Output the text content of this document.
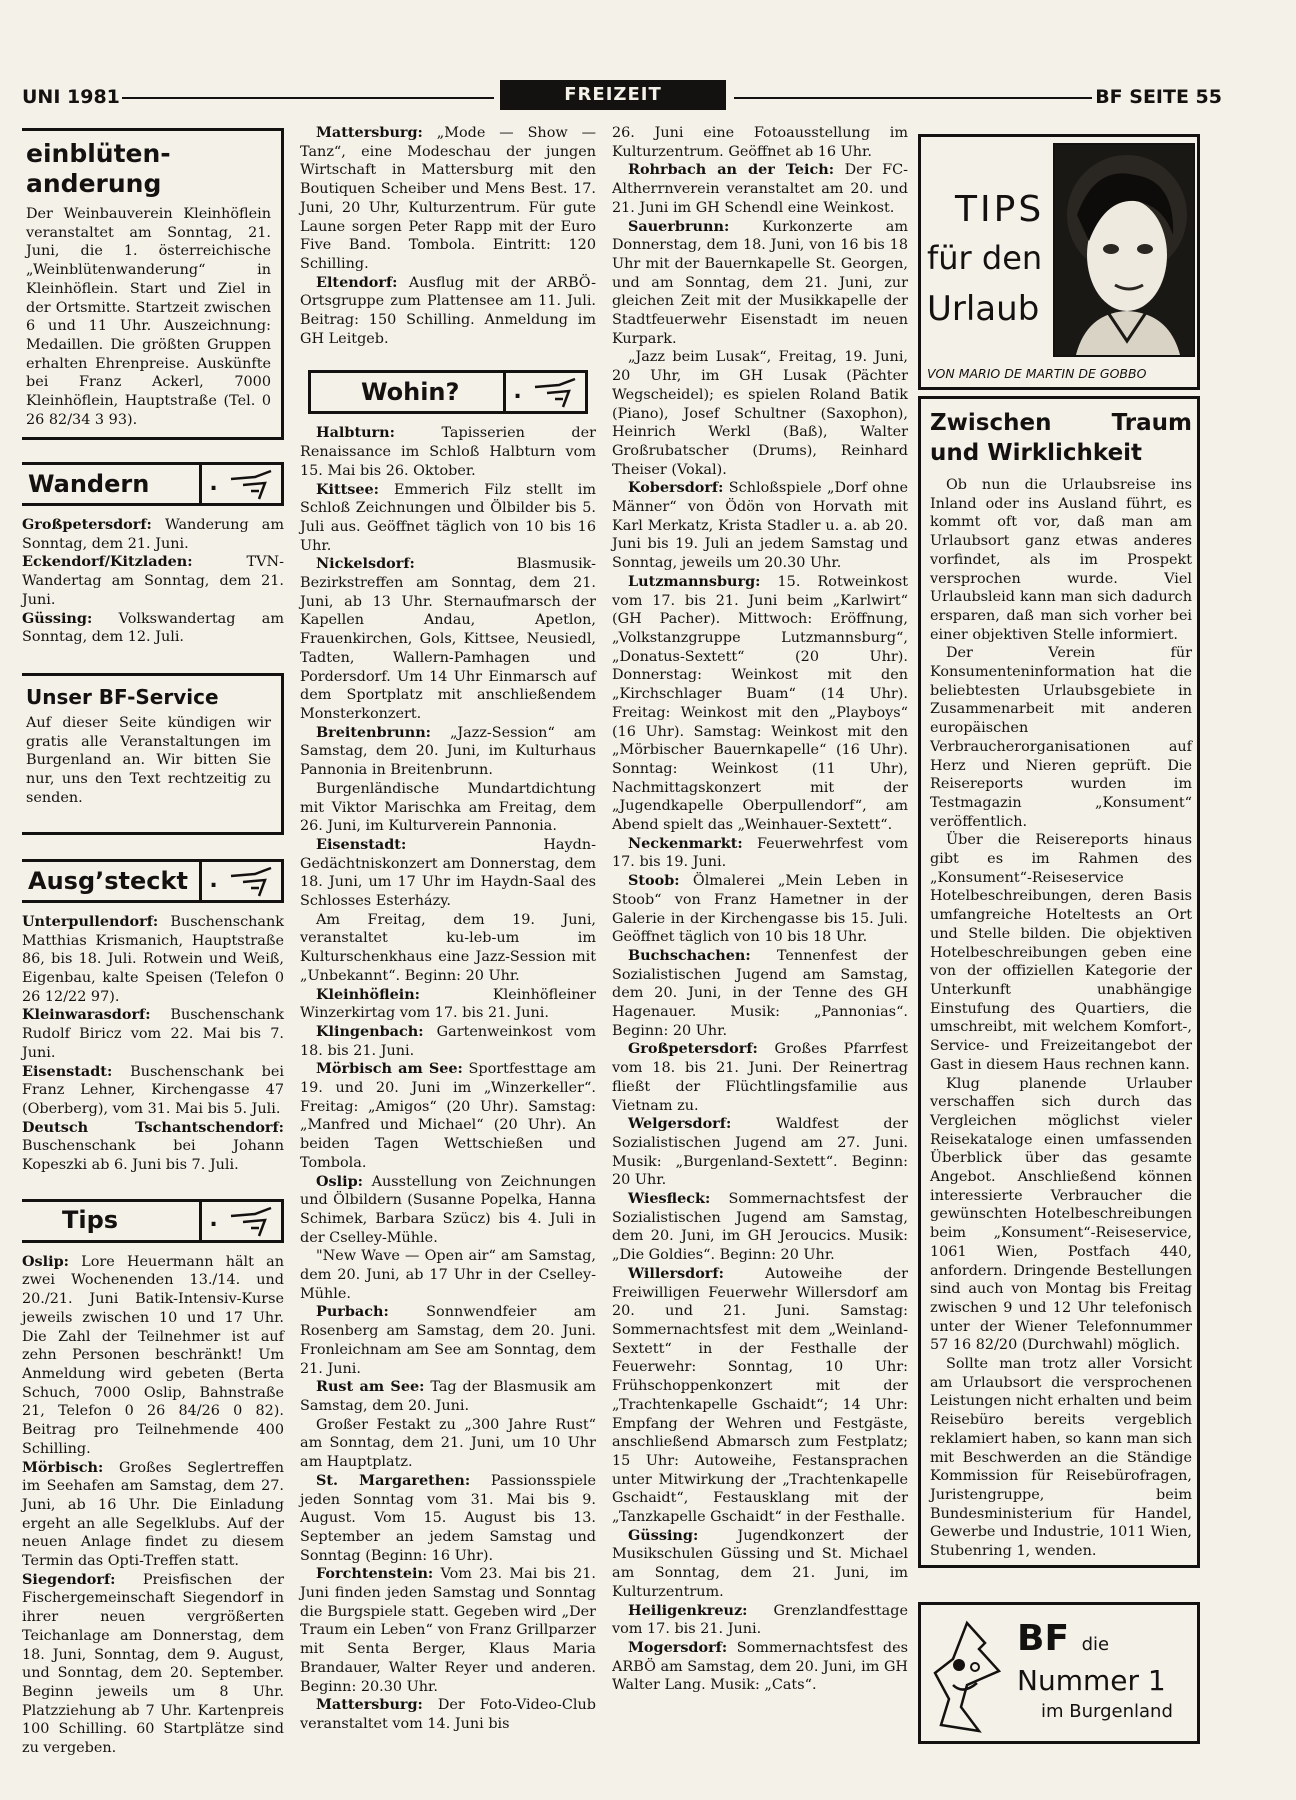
UNI 1981	FREIZEIT	BF SEITE 55
einblüten-
anderung

Der Weinbauverein Kleinhöflein veranstaltet am Sonntag, 21. Juni, die 1. österreichische „Weinblütenwanderung“ in Kleinhöflein. Start und Ziel in der Ortsmitte. Startzeit zwischen 6 und 11 Uhr. Auszeichnung: Medaillen. Die größten Gruppen erhalten Ehrenpreise. Auskünfte bei Franz Ackerl, 7000 Kleinhöflein, Hauptstraße (Tel. 0 26 82/34 3 93).

Wandern	.

Großpetersdorf: Wanderung am Sonntag, dem 21. Juni.

Eckendorf/Kitzladen: TVN-Wandertag am Sonntag, dem 21. Juni.

Güssing: Volkswandertag am Sonntag, dem 12. Juli.

Unser BF-Service

Auf dieser Seite kündigen wir gratis alle Veranstaltungen im Burgenland an. Wir bitten Sie nur, uns den Text rechtzeitig zu senden.

Ausg’steckt .

Unterpullendorf: Buschenschank Matthias Krismanich, Hauptstraße 86, bis 18. Juli. Rotwein und Weiß, Eigenbau, kalte Speisen (Telefon 0 26 12/22 97).

Kleinwarasdorf: Buschenschank Rudolf Biricz vom 22. Mai bis 7. Juni.

Eisenstadt: Buschenschank bei Franz Lehner, Kirchengasse 47 (Oberberg), vom 31. Mai bis 5. Juli.

Deutsch Tschantschendorf: Buschenschank bei Johann Kopeszki ab 6. Juni bis 7. Juli.

Tips	.

Oslip: Lore Heuermann hält an zwei Wochenenden 13./14. und 20./21. Juni Batik-Intensiv-Kurse jeweils zwischen 10 und 17 Uhr. Die Zahl der Teilnehmer ist auf zehn Personen beschränkt! Um Anmeldung wird gebeten (Berta Schuch, 7000 Oslip, Bahnstraße 21, Telefon 0 26 84/26 0 82). Beitrag pro Teilnehmende 400 Schilling.

Mörbisch: Großes Seglertreffen im Seehafen am Samstag, dem 27. Juni, ab 16 Uhr. Die Einladung ergeht an alle Segelklubs. Auf der neuen Anlage findet zu diesem Termin das Opti-Treffen statt.

Siegendorf: Preisfischen der Fischergemeinschaft Siegendorf in ihrer neuen vergrößerten Teichanlage am Donnerstag, dem 18. Juni, Sonntag, dem 9. August, und Sonntag, dem 20. September. Beginn jeweils um 8 Uhr. Platzziehung ab 7 Uhr. Kartenpreis 100 Schilling. 60 Startplätze sind zu vergeben.

Mattersburg: „Mode — Show — Tanz“, eine Modeschau der jungen Wirtschaft in Mattersburg mit den Boutiquen Scheiber und Mens Best. 17. Juni, 20 Uhr, Kulturzentrum. Für gute Laune sorgen Peter Rapp mit der Euro Five Band. Tombola. Eintritt: 120 Schilling.

Eltendorf: Ausflug mit der ARBÖ-Ortsgruppe zum Plattensee am 11. Juli. Beitrag: 150 Schilling. Anmeldung im GH Leitgeb.

Wohin?	.

Halbturn: Tapisserien der Renaissance im Schloß Halbturn vom 15. Mai bis 26. Oktober.

Kittsee: Emmerich Filz stellt im Schloß Zeichnungen und Ölbilder bis 5. Juli aus. Geöffnet täglich von 10 bis 16 Uhr.

Nickelsdorf: Blasmusik-Bezirkstreffen am Sonntag, dem 21. Juni, ab 13 Uhr. Sternaufmarsch der Kapellen Andau, Apetlon, Frauenkirchen, Gols, Kittsee, Neusiedl, Tadten, Wallern-Pamhagen und Pordersdorf. Um 14 Uhr Einmarsch auf dem Sportplatz mit anschließendem Monsterkonzert.

Breitenbrunn: „Jazz-Session“ am Samstag, dem 20. Juni, im Kulturhaus Pannonia in Breitenbrunn.

Burgenländische Mundartdichtung mit Viktor Marischka am Freitag, dem 26. Juni, im Kulturverein Pannonia.

Eisenstadt: Haydn-Gedächtniskonzert am Donnerstag, dem 18. Juni, um 17 Uhr im Haydn-Saal des Schlosses Esterházy.

Am Freitag, dem 19. Juni, veranstaltet ku-leb-um im Kulturschenkhaus eine Jazz-Session mit „Unbekannt“. Beginn: 20 Uhr.

Kleinhöflein: Kleinhöfleiner Winzerkirtag vom 17. bis 21. Juni.

Klingenbach: Gartenweinkost vom 18. bis 21. Juni.

Mörbisch am See: Sportfesttage am 19. und 20. Juni im „Winzerkeller“. Freitag: „Amigos“ (20 Uhr). Samstag: „Manfred und Michael“ (20 Uhr). An beiden Tagen Wettschießen und Tombola.

Oslip: Ausstellung von Zeichnungen und Ölbildern (Susanne Popelka, Hanna Schimek, Barbara Szücz) bis 4. Juli in der Cselley-Mühle.

"New Wave — Open air“ am Samstag, dem 20. Juni, ab 17 Uhr in der Cselley-Mühle.

Purbach: Sonnwendfeier am Rosenberg am Samstag, dem 20. Juni. Fronleichnam am See am Sonntag, dem 21. Juni.

Rust am See: Tag der Blasmusik am Samstag, dem 20. Juni.

Großer Festakt zu „300 Jahre Rust“ am Sonntag, dem 21. Juni, um 10 Uhr am Hauptplatz.

St. Margarethen: Passionsspiele jeden Sonntag vom 31. Mai bis 9. August. Vom 15. August bis 13. September an jedem Samstag und Sonntag (Beginn: 16 Uhr).

Forchtenstein: Vom 23. Mai bis 21. Juni finden jeden Samstag und Sonntag die Burgspiele statt. Gegeben wird „Der Traum ein Leben“ von Franz Grillparzer mit Senta Berger, Klaus Maria Brandauer, Walter Reyer und anderen. Beginn: 20.30 Uhr.

Mattersburg: Der Foto-Video-Club veranstaltet vom 14. Juni bis

26. Juni eine Fotoausstellung im Kulturzentrum. Geöffnet ab 16 Uhr.

Rohrbach an der Teich: Der FC-Altherrnverein veranstaltet am 20. und 21. Juni im GH Schendl eine Weinkost.

Sauerbrunn: Kurkonzerte am Donnerstag, dem 18. Juni, von 16 bis 18 Uhr mit der Bauernkapelle St. Georgen, und am Sonntag, dem 21. Juni, zur gleichen Zeit mit der Musikkapelle der Stadtfeuerwehr Eisenstadt im neuen Kurpark.

„Jazz beim Lusak“, Freitag, 19. Juni, 20 Uhr, im GH Lusak (Pächter Wegscheidel); es spielen Roland Batik (Piano), Josef Schultner (Saxophon), Heinrich Werkl (Baß), Walter Großrubatscher (Drums), Reinhard Theiser (Vokal).

Kobersdorf: Schloßspiele „Dorf ohne Männer“ von Ödön von Horvath mit Karl Merkatz, Krista Stadler u. a. ab 20. Juni bis 19. Juli an jedem Samstag und Sonntag, jeweils um 20.30 Uhr.

Lutzmannsburg: 15. Rotweinkost vom 17. bis 21. Juni beim „Karlwirt“ (GH Pacher). Mittwoch: Eröffnung, „Volkstanzgruppe Lutzmannsburg“, „Donatus-Sextett“ (20 Uhr). Donnerstag: Weinkost mit den „Kirchschlager Buam“ (14 Uhr). Freitag: Weinkost mit den „Playboys“ (16 Uhr). Samstag: Weinkost mit den „Mörbischer Bauernkapelle“ (16 Uhr). Sonntag: Weinkost (11 Uhr), Nachmittagskonzert mit der „Jugendkapelle Oberpullendorf“, am Abend spielt das „Weinhauer-Sextett“.

Neckenmarkt: Feuerwehrfest vom 17. bis 19. Juni.

Stoob: Ölmalerei „Mein Leben in Stoob“ von Franz Hametner in der Galerie in der Kirchengasse bis 15. Juli. Geöffnet täglich von 10 bis 18 Uhr.

Buchschachen: Tennenfest der Sozialistischen Jugend am Samstag, dem 20. Juni, in der Tenne des GH Hagenauer. Musik: „Pannonias“. Beginn: 20 Uhr.

Großpetersdorf: Großes Pfarrfest vom 18. bis 21. Juni. Der Reinertrag fließt der Flüchtlingsfamilie aus Vietnam zu.

Welgersdorf: Waldfest der Sozialistischen Jugend am 27. Juni. Musik: „Burgenland-Sextett“. Beginn: 20 Uhr.

Wiesfleck: Sommernachtsfest der Sozialistischen Jugend am Samstag, dem 20. Juni, im GH Jeroucics. Musik: „Die Goldies“. Beginn: 20 Uhr.

Willersdorf: Autoweihe der Freiwilligen Feuerwehr Willersdorf am 20. und 21. Juni. Samstag: Sommernachtsfest mit dem „Weinland-Sextett“ in der Festhalle der Feuerwehr: Sonntag, 10 Uhr: Frühschoppenkonzert mit der „Trachtenkapelle Gschaidt“; 14 Uhr: Empfang der Wehren und Festgäste, anschließend Abmarsch zum Festplatz; 15 Uhr: Autoweihe, Festansprachen unter Mitwirkung der „Trachtenkapelle Gschaidt“, Festausklang mit der „Tanzkapelle Gschaidt“ in der Festhalle.

Güssing: Jugendkonzert der Musikschulen Güssing und St. Michael am Sonntag, dem 21. Juni, im Kulturzentrum.

Heiligenkreuz: Grenzlandfesttage vom 17. bis 21. Juni.

Mogersdorf: Sommernachtsfest des ARBÖ am Samstag, dem 20. Juni, im GH Walter Lang. Musik: „Cats“.

TIPS
für den
Urlaub
VON MARIO DE MARTIN DE GOBBO
Zwischen Traum und Wirklichkeit

Ob nun die Urlaubsreise ins Inland oder ins Ausland führt, es kommt oft vor, daß man am Urlaubsort ganz etwas anderes vorfindet, als im Prospekt versprochen wurde. Viel Urlaubsleid kann man sich dadurch ersparen, daß man sich vorher bei einer objektiven Stelle informiert.

Der Verein für Konsumenteninformation hat die beliebtesten Urlaubsgebiete in Zusammenarbeit mit anderen europäischen Verbraucherorganisationen auf Herz und Nieren geprüft. Die Reisereports wurden im Testmagazin „Konsument“ veröffentlich.

Über die Reisereports hinaus gibt es im Rahmen des „Konsument“-Reiseservice Hotelbeschreibungen, deren Basis umfangreiche Hoteltests an Ort und Stelle bilden. Die objektiven Hotelbeschreibungen geben eine von der offiziellen Kategorie der Unterkunft unabhängige Einstufung des Quartiers, die umschreibt, mit welchem Komfort-, Service- und Freizeitangebot der Gast in diesem Haus rechnen kann.

Klug planende Urlauber verschaffen sich durch das Vergleichen möglichst vieler Reisekataloge einen umfassenden Überblick über das gesamte Angebot. Anschließend können interessierte Verbraucher die gewünschten Hotelbeschreibungen beim „Konsument“-Reiseservice, 1061 Wien, Postfach 440, anfordern. Dringende Bestellungen sind auch von Montag bis Freitag zwischen 9 und 12 Uhr telefonisch unter der Wiener Telefonnummer 57 16 82/20 (Durchwahl) möglich.

Sollte man trotz aller Vorsicht am Urlaubsort die versprochenen Leistungen nicht erhalten und beim Reisebüro bereits vergeblich reklamiert haben, so kann man sich mit Beschwerden an die Ständige Kommission für Reisebürofragen, Juristengruppe, beim Bundesministerium für Handel, Gewerbe und Industrie, 1011 Wien, Stubenring 1, wenden.

BF die
Nummer 1
im Burgenland
